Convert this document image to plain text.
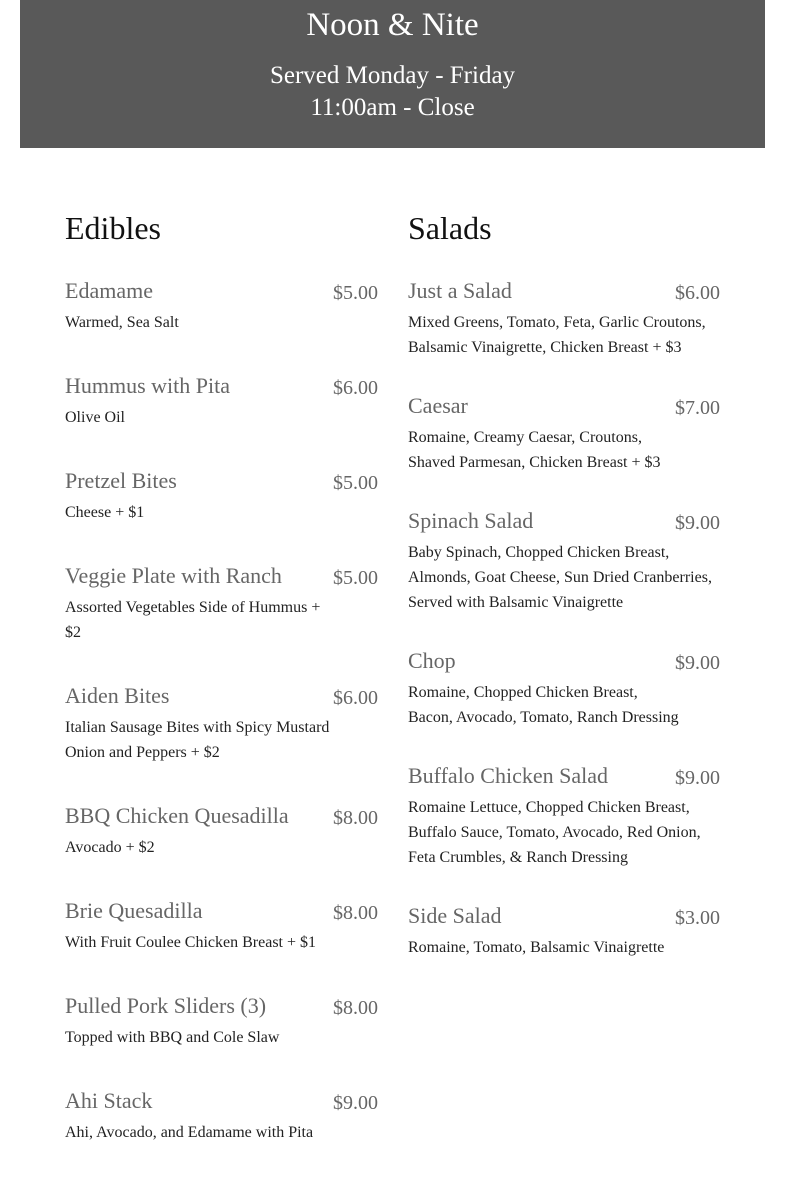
Noon & Nite
Served Monday - Friday
11:00am - Close
Edibles
Edamame	$5.00
Warmed, Sea Salt
Hummus with Pita	$6.00
Olive Oil
Pretzel Bites	$5.00
Cheese + $1
Veggie Plate with Ranch	$5.00
Assorted Vegetables Side of Hummus + $2
Aiden Bites	$6.00
Italian Sausage Bites with Spicy Mustard Onion and Peppers + $2
BBQ Chicken Quesadilla $8.00
Avocado + $2
Brie Quesadilla	$8.00
With Fruit Coulee Chicken Breast + $1
Pulled Pork Sliders (3)	$8.00
Topped with BBQ and Cole Slaw
Ahi Stack	$9.00
Ahi, Avocado, and Edamame with Pita
Salads
Just a Salad	$6.00
Mixed Greens, Tomato, Feta, Garlic Croutons, Balsamic Vinaigrette, Chicken Breast + $3
Caesar	$7.00
Romaine, Creamy Caesar, Croutons, Shaved Parmesan, Chicken Breast + $3
Spinach Salad	$9.00
Baby Spinach, Chopped Chicken Breast, Almonds, Goat Cheese, Sun Dried Cranberries, Served with Balsamic Vinaigrette
Chop	$9.00
Romaine, Chopped Chicken Breast, Bacon, Avocado, Tomato, Ranch Dressing
Buffalo Chicken Salad	$9.00
Romaine Lettuce, Chopped Chicken Breast, Buffalo Sauce, Tomato, Avocado, Red Onion, Feta Crumbles, & Ranch Dressing
Side Salad	$3.00
Romaine, Tomato, Balsamic Vinaigrette
